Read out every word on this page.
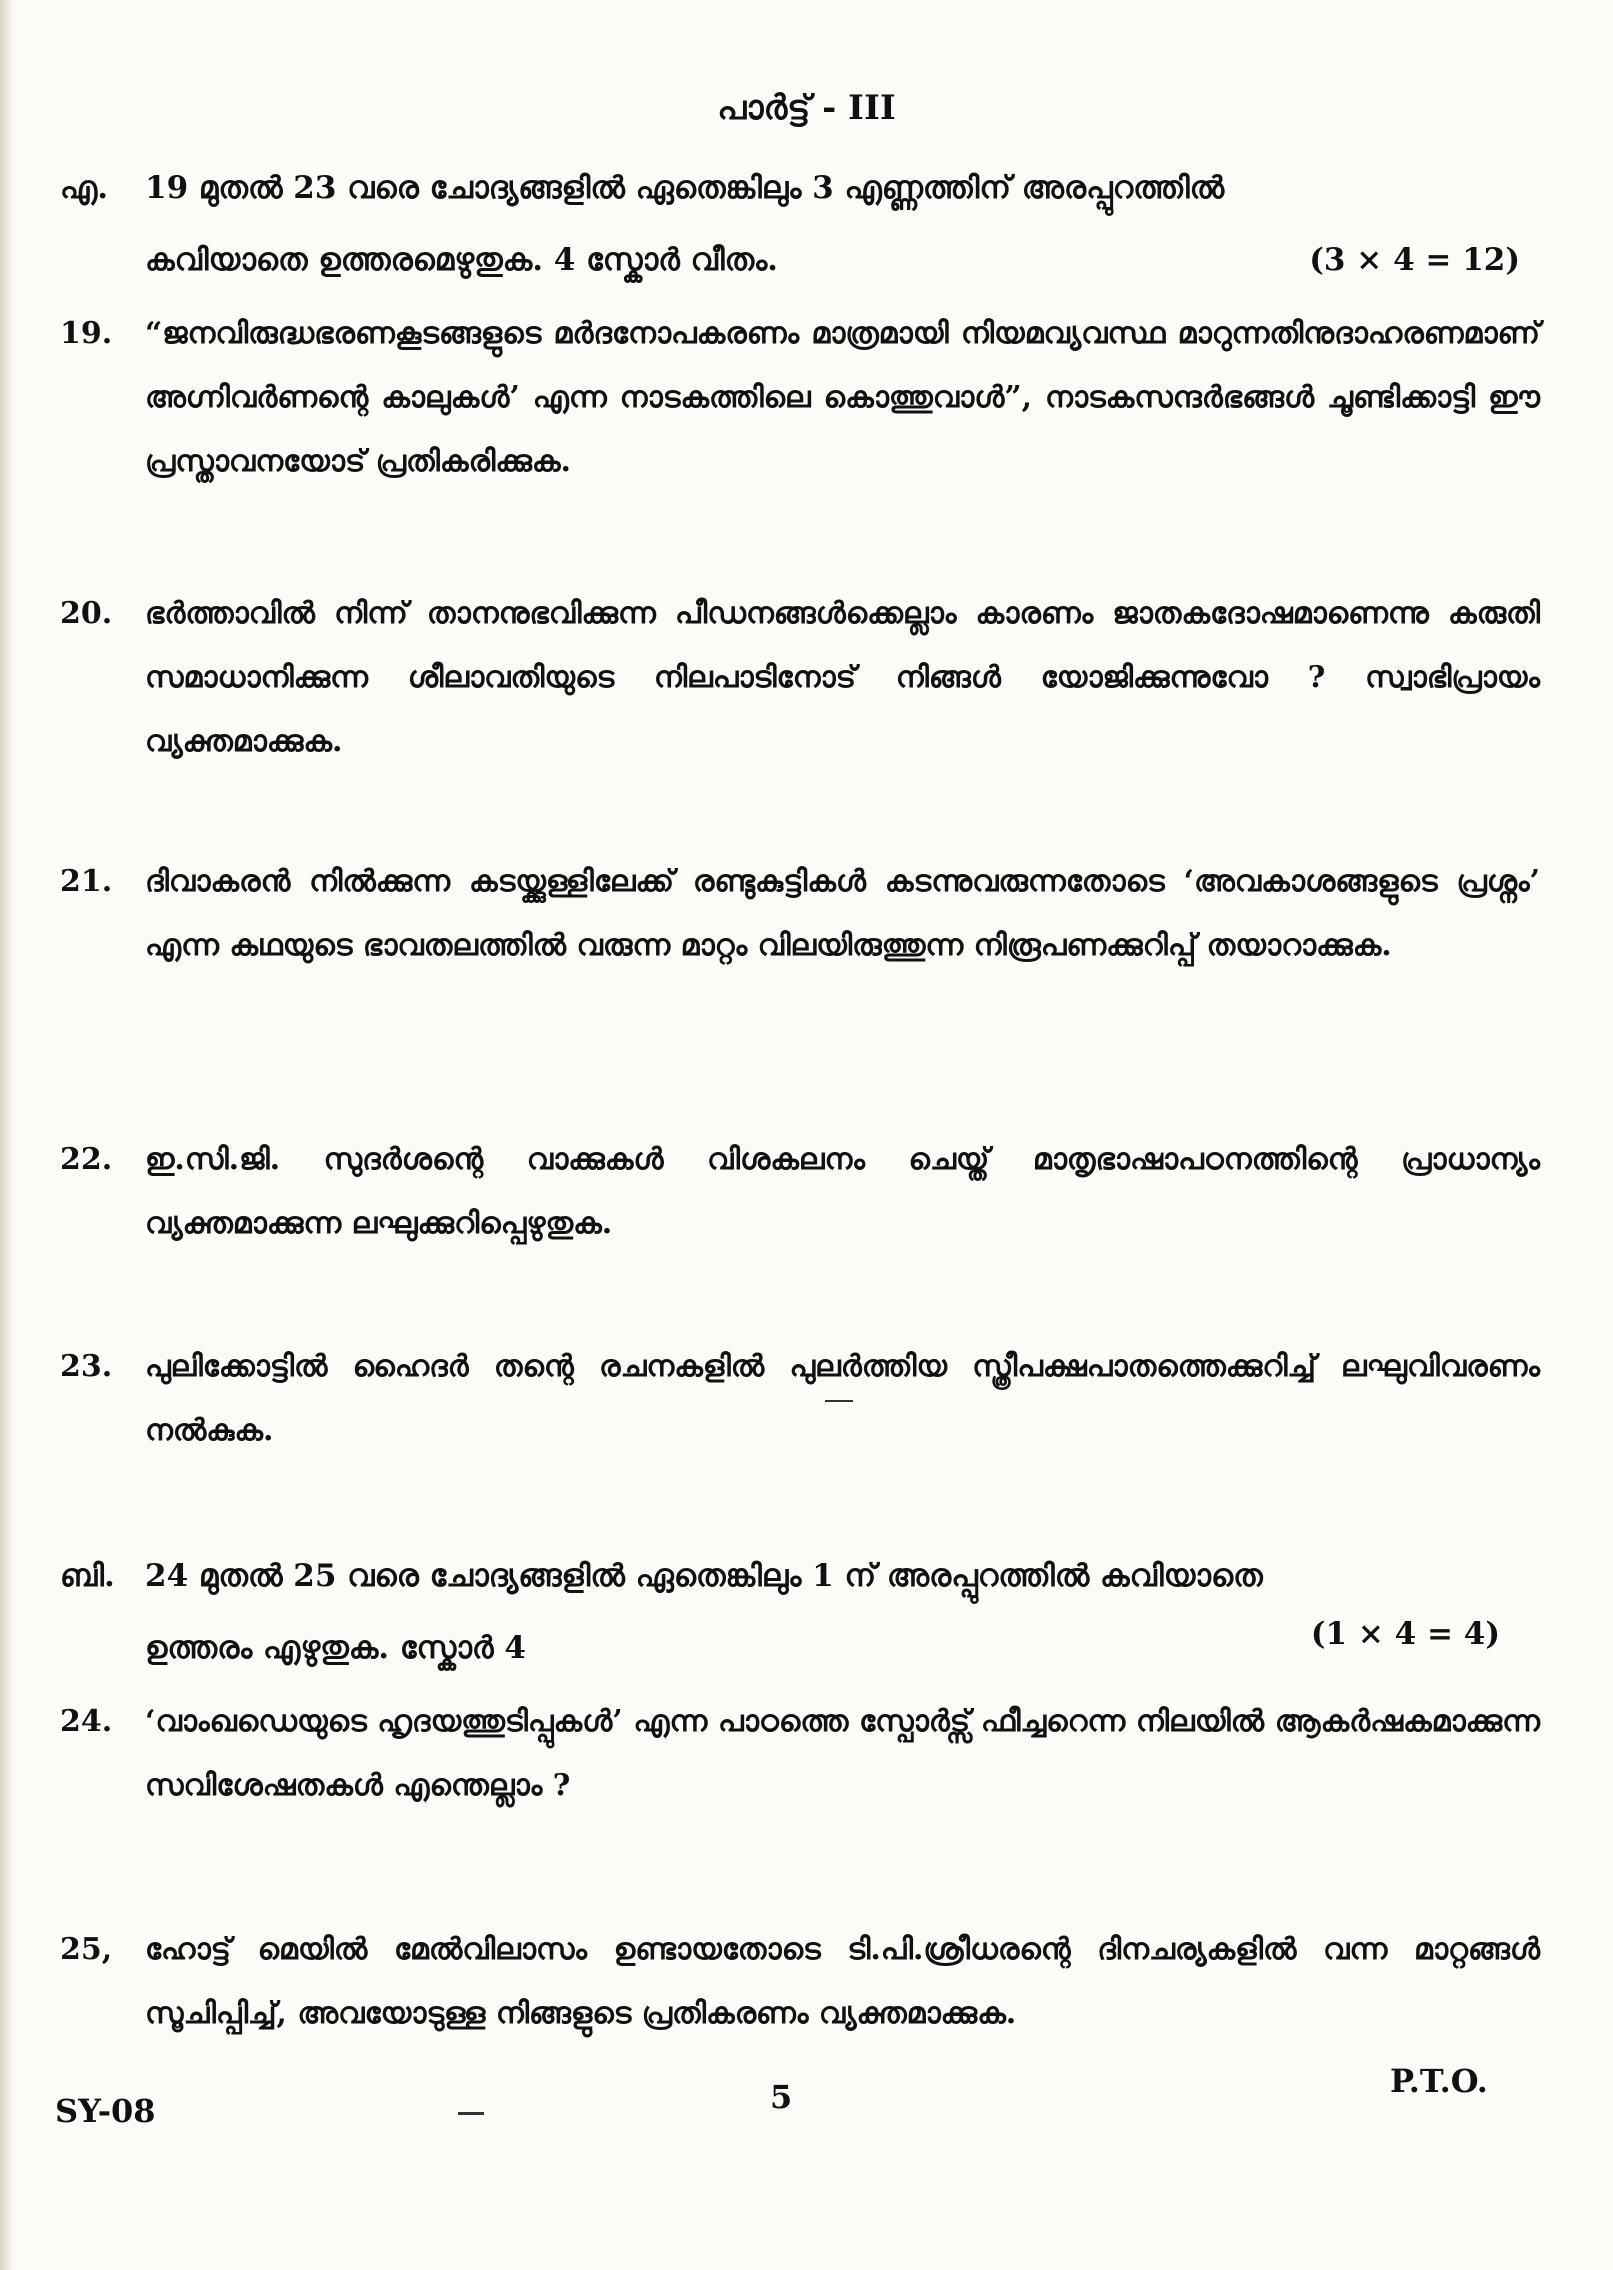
പാർട്ട് - III
എ. 19 മുതൽ 23 വരെ ചോദ്യങ്ങളിൽ ഏതെങ്കിലും 3 എണ്ണത്തിന് അരപ്പുറത്തിൽ
കവിയാതെ ഉത്തരമെഴുതുക. 4 സ്കോർ വീതം.	(3 × 4 = 12)
19.	“ജനവിരുദ്ധഭരണകൂടങ്ങളുടെ മർദനോപകരണം മാത്രമായി നിയമവ്യവസ്ഥ മാറുന്നതിനുദാഹരണമാണ് അഗ്നിവർണന്റെ കാലുകൾ’ എന്ന നാടകത്തിലെ കൊത്തുവാൾ”, നാടകസന്ദർഭങ്ങൾ ചൂണ്ടിക്കാട്ടി ഈ പ്രസ്താവനയോട് പ്രതികരിക്കുക.
20.	ഭർത്താവിൽ നിന്ന് താനനുഭവിക്കുന്ന പീഡനങ്ങൾക്കെല്ലാം കാരണം ജാതകദോഷമാണെന്നു കരുതി സമാധാനിക്കുന്ന ശീലാവതിയുടെ നിലപാടിനോട് നിങ്ങൾ യോജിക്കുന്നുവോ ? സ്വാഭിപ്രായം വ്യക്തമാക്കുക.
21.	ദിവാകരൻ നിൽക്കുന്ന കടയ്ക്കുള്ളിലേക്ക് രണ്ടുകുട്ടികൾ കടന്നുവരുന്നതോടെ ‘അവകാശങ്ങളുടെ പ്രശ്നം’ എന്ന കഥയുടെ ഭാവതലത്തിൽ വരുന്ന മാറ്റം വിലയിരുത്തുന്ന നിരൂപണക്കുറിപ്പ് തയാറാക്കുക.
22.	ഇ.സി.ജി. സുദർശന്റെ വാക്കുകൾ വിശകലനം ചെയ്ത് മാതൃഭാഷാപഠനത്തിന്റെ പ്രാധാന്യം വ്യക്തമാക്കുന്ന ലഘുക്കുറിപ്പെഴുതുക.
23.	പുലിക്കോട്ടിൽ ഹൈദർ തന്റെ രചനകളിൽ പുലർത്തിയ സ്ത്രീപക്ഷപാതത്തെക്കുറിച്ച് ലഘുവിവരണം നൽകുക.
ബി. 24 മുതൽ 25 വരെ ചോദ്യങ്ങളിൽ ഏതെങ്കിലും 1 ന് അരപ്പുറത്തിൽ കവിയാതെ
ഉത്തരം എഴുതുക. സ്കോർ 4	(1 × 4 = 4)
24.	‘വാംഖഡെയുടെ ഹൃദയത്തുടിപ്പുകൾ’ എന്ന പാഠത്തെ സ്പോർട്സ് ഫീച്ചറെന്ന നിലയിൽ ആകർഷകമാക്കുന്ന സവിശേഷതകൾ എന്തെല്ലാം ?
25,	ഹോട്ട് മെയിൽ മേൽവിലാസം ഉണ്ടായതോടെ ടി.പി.ശ്രീധരന്റെ ദിനചര്യകളിൽ വന്ന മാറ്റങ്ങൾ സൂചിപ്പിച്ച്, അവയോടുള്ള നിങ്ങളുടെ പ്രതികരണം വ്യക്തമാക്കുക.
SY-08	5	P.T.O.
